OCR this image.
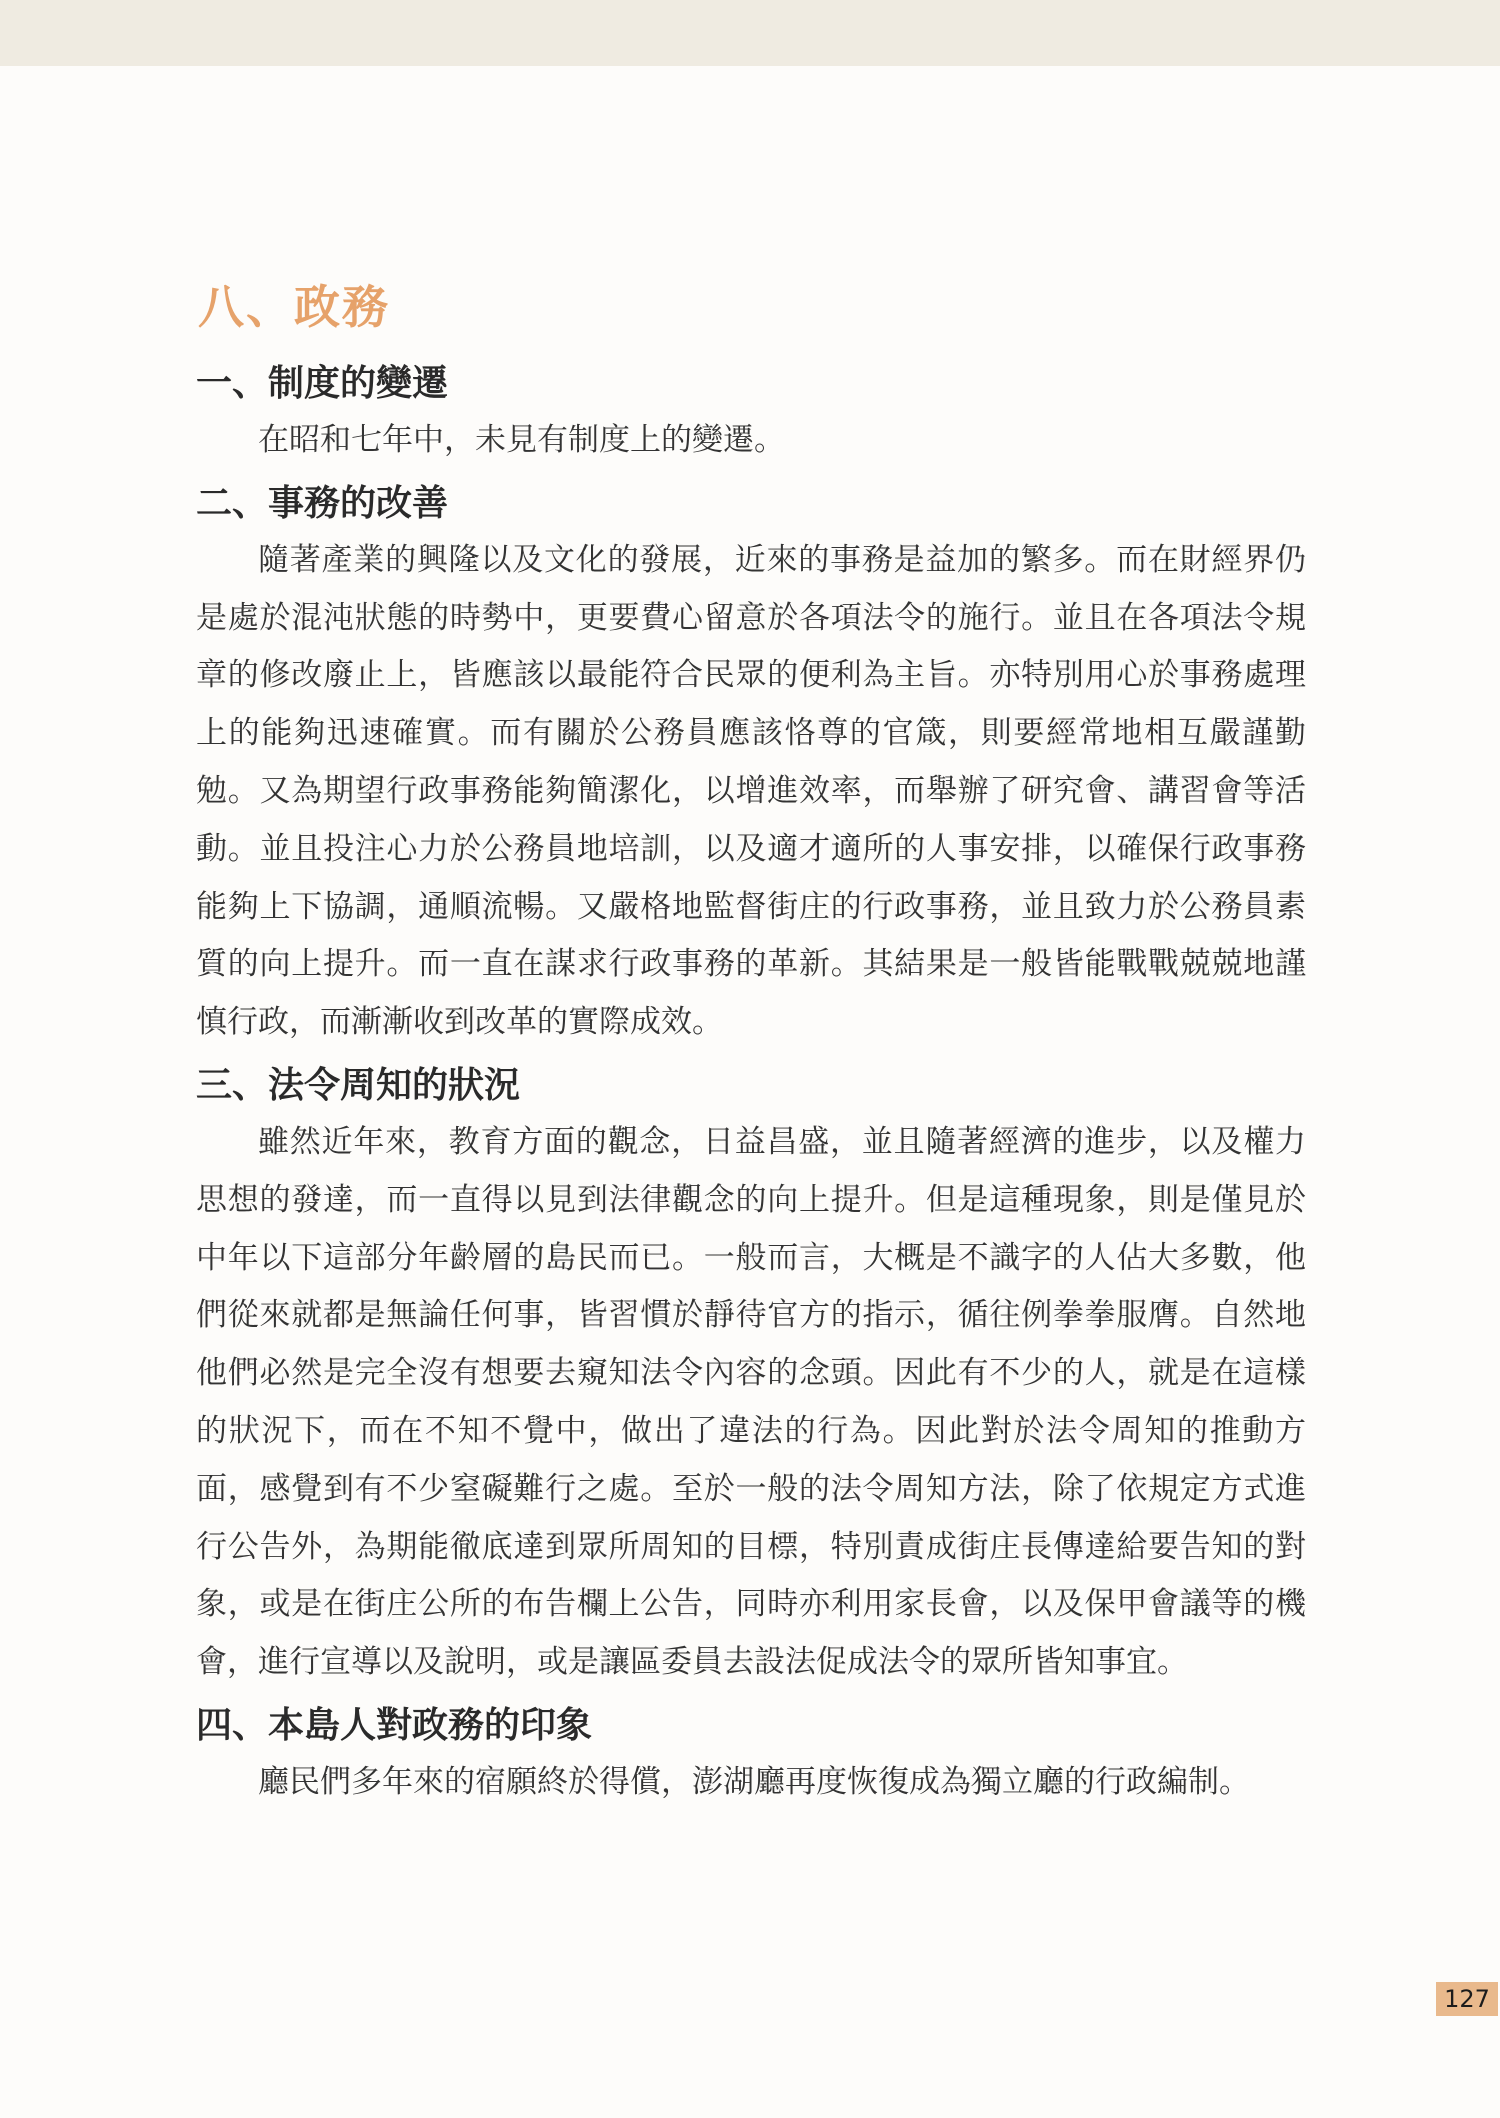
八、政務
一、制度的變遷

在昭和七年中，未見有制度上的變遷。

二、事務的改善

隨著產業的興隆以及文化的發展，近來的事務是益加的繁多。而在財經界仍是處於混沌狀態的時勢中，更要費心留意於各項法令的施行。並且在各項法令規章的修改廢止上，皆應該以最能符合民眾的便利為主旨。亦特別用心於事務處理上的能夠迅速確實。而有關於公務員應該恪尊的官箴，則要經常地相互嚴謹勤勉。又為期望行政事務能夠簡潔化，以增進效率，而舉辦了研究會、講習會等活動。並且投注心力於公務員地培訓，以及適才適所的人事安排，以確保行政事務能夠上下協調，通順流暢。又嚴格地監督街庄的行政事務，並且致力於公務員素質的向上提升。而一直在謀求行政事務的革新。其結果是一般皆能戰戰兢兢地謹慎行政，而漸漸收到改革的實際成效。

三、法令周知的狀況

雖然近年來，教育方面的觀念，日益昌盛，並且隨著經濟的進步，以及權力思想的發達，而一直得以見到法律觀念的向上提升。但是這種現象，則是僅見於中年以下這部分年齡層的島民而已。一般而言，大概是不識字的人佔大多數，他們從來就都是無論任何事，皆習慣於靜待官方的指示，循往例拳拳服膺。自然地他們必然是完全沒有想要去窺知法令內容的念頭。因此有不少的人，就是在這樣的狀況下，而在不知不覺中，做出了違法的行為。因此對於法令周知的推動方面，感覺到有不少窒礙難行之處。至於一般的法令周知方法，除了依規定方式進行公告外，為期能徹底達到眾所周知的目標，特別責成街庄長傳達給要告知的對象，或是在街庄公所的布告欄上公告，同時亦利用家長會，以及保甲會議等的機會，進行宣導以及說明，或是讓區委員去設法促成法令的眾所皆知事宜。

四、本島人對政務的印象

廳民們多年來的宿願終於得償，澎湖廳再度恢復成為獨立廳的行政編制。

127
